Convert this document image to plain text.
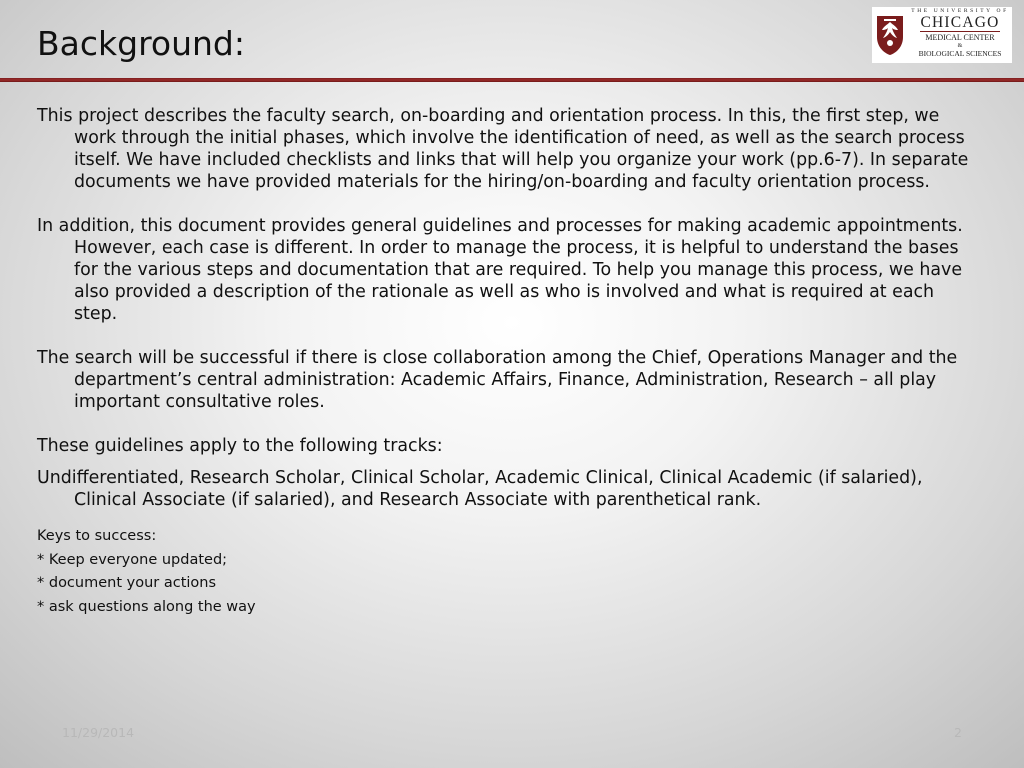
Background:
THE UNIVERSITY OF
CHICAGO
MEDICAL CENTER
&
BIOLOGICAL SCIENCES

This project describes the faculty search, on-boarding and orientation process. In this, the first step, we work through the initial phases, which involve the identification of need, as well as the search process itself. We have included checklists and links that will help you organize your work (pp.6-7). In separate documents we have provided materials for the hiring/on-boarding and faculty orientation process.

In addition, this document provides general guidelines and processes for making academic appointments. However, each case is different. In order to manage the process, it is helpful to understand the bases for the various steps and documentation that are required. To help you manage this process, we have also provided a description of the rationale as well as who is involved and what is required at each step.

The search will be successful if there is close collaboration among the Chief, Operations Manager and the department’s central administration: Academic Affairs, Finance, Administration, Research – all play important consultative roles.

These guidelines apply to the following tracks:

Undifferentiated, Research Scholar, Clinical Scholar, Academic Clinical, Clinical Academic (if salaried), Clinical Associate (if salaried), and Research Associate with parenthetical rank.

Keys to success:

* Keep everyone updated;

* document your actions

* ask questions along the way

11/29/2014	2
